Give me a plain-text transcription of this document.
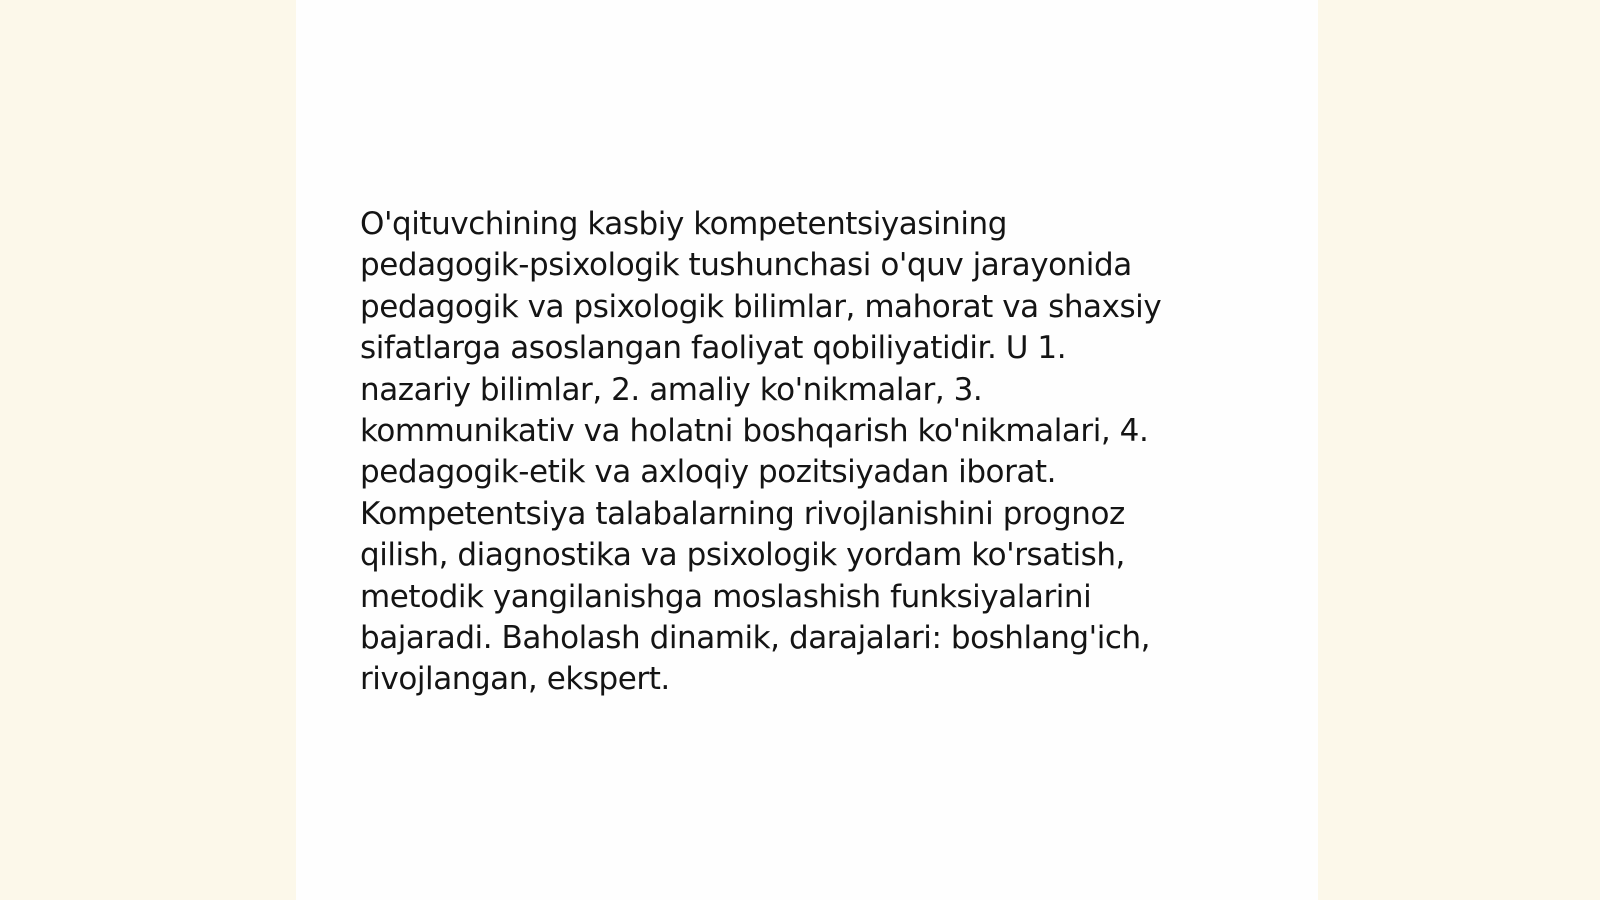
O'qituvchining kasbiy kompetentsiyasining
pedagogik-psixologik tushunchasi o'quv jarayonida
pedagogik va psixologik bilimlar, mahorat va shaxsiy
sifatlarga asoslangan faoliyat qobiliyatidir. U 1.
nazariy bilimlar, 2. amaliy ko'nikmalar, 3.
kommunikativ va holatni boshqarish ko'nikmalari, 4.
pedagogik-etik va axloqiy pozitsiyadan iborat.
Kompetentsiya talabalarning rivojlanishini prognoz
qilish, diagnostika va psixologik yordam ko'rsatish,
metodik yangilanishga moslashish funksiyalarini
bajaradi. Baholash dinamik, darajalari: boshlang'ich,
rivojlangan, ekspert.
